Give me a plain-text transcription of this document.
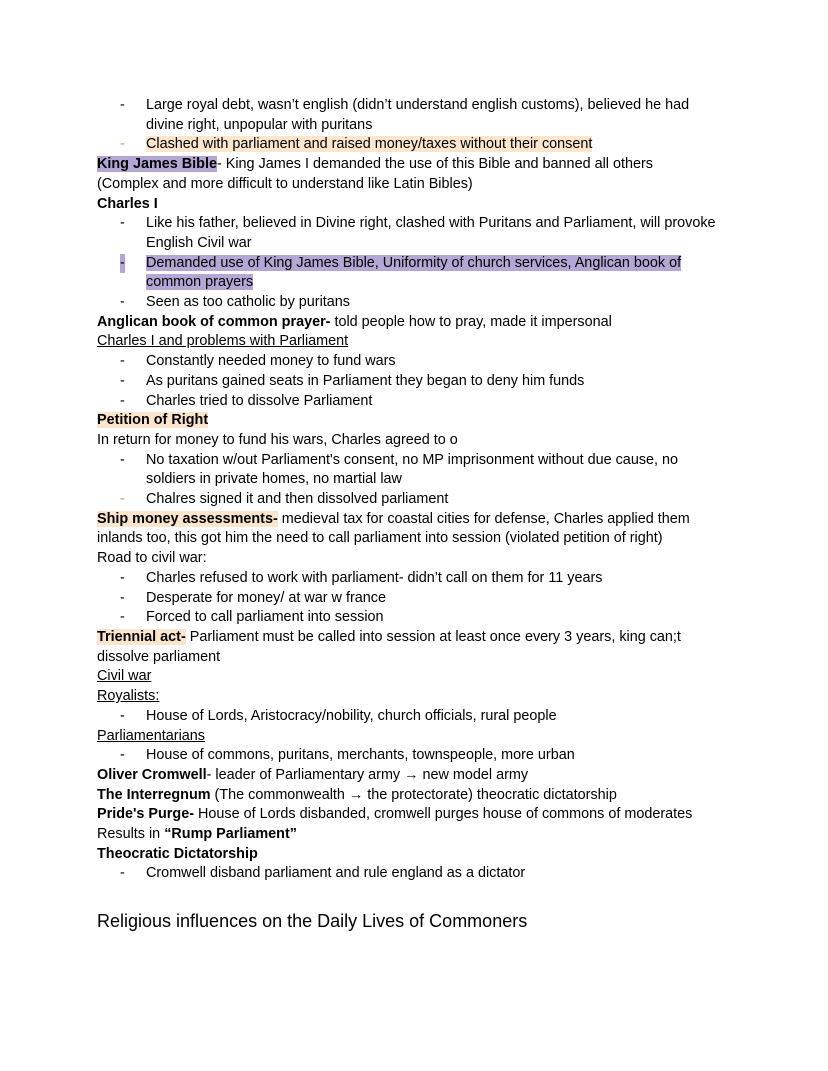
- Large royal debt, wasn’t english (didn’t understand english customs), believed he had divine right, unpopular with puritans

- Clashed with parliament and raised money/taxes without their consent

King James Bible- King James I demanded the use of this Bible and banned all others (Complex and more difficult to understand like Latin Bibles)

Charles I

- Like his father, believed in Divine right, clashed with Puritans and Parliament, will provoke English Civil war

- Demanded use of King James Bible, Uniformity of church services, Anglican book of common prayers

- Seen as too catholic by puritans

Anglican book of common prayer- told people how to pray, made it impersonal

Charles I and problems with Parliament

- Constantly needed money to fund wars

- As puritans gained seats in Parliament they began to deny him funds

- Charles tried to dissolve Parliament

Petition of Right

In return for money to fund his wars, Charles agreed to o

- No taxation w/out Parliament's consent, no MP imprisonment without due cause, no soldiers in private homes, no martial law

- Chalres signed it and then dissolved parliament

Ship money assessments- medieval tax for coastal cities for defense, Charles applied them inlands too, this got him the need to call parliament into session (violated petition of right)

Road to civil war:

- Charles refused to work with parliament- didn’t call on them for 11 years

- Desperate for money/ at war w france

- Forced to call parliament into session

Triennial act- Parliament must be called into session at least once every 3 years, king can;t dissolve parliament

Civil war

Royalists:

- House of Lords, Aristocracy/nobility, church officials, rural people

Parliamentarians

- House of commons, puritans, merchants, townspeople, more urban

Oliver Cromwell- leader of Parliamentary army → new model army

The Interregnum (The commonwealth → the protectorate) theocratic dictatorship

Pride's Purge- House of Lords disbanded, cromwell purges house of commons of moderates

Results in “Rump Parliament”

Theocratic Dictatorship

- Cromwell disband parliament and rule england as a dictator

Religious influences on the Daily Lives of Commoners
